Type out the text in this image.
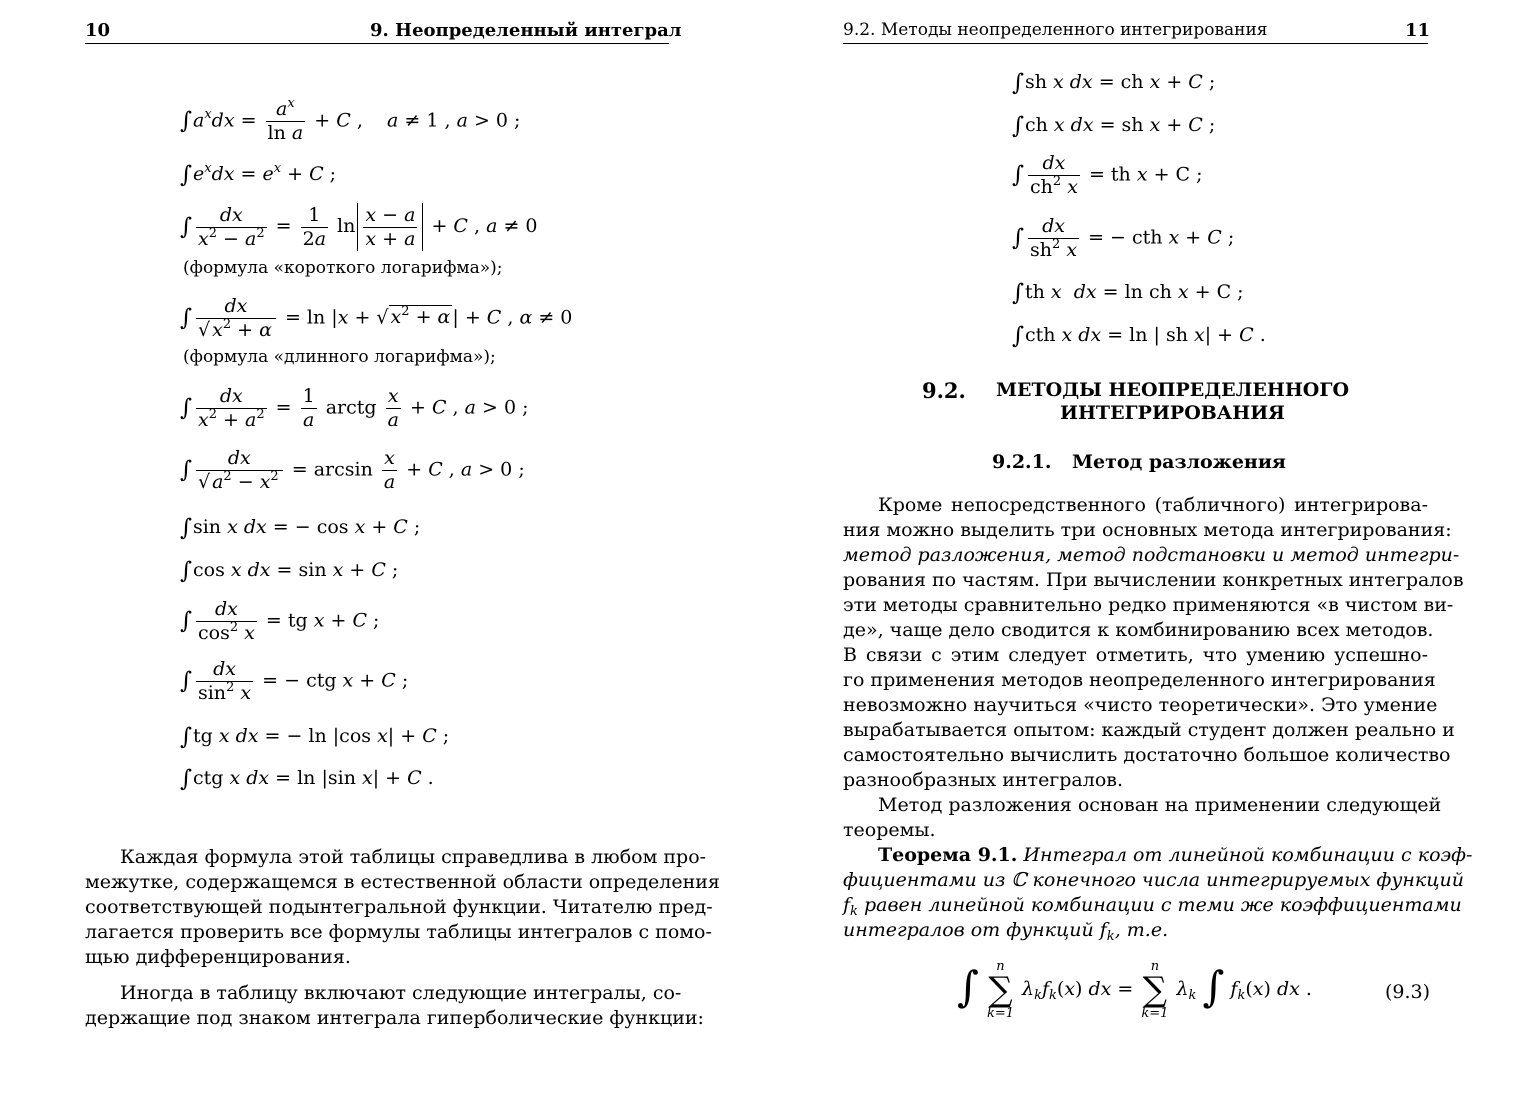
10	9. Неопределенный интеграл
$\int a^xdx = \frac{a^x}{\text{ln a}} + C$ ,    a ≠ 1 , a > 0 ;
$\int e^xdx = e^x + C$ ;
∫ $\frac{dx}{x^2 - a^2} = \frac{1}{2a}$ $\ln \frac{x - a}{x + a} + C$ , a ≠ 0
(формула «короткого логарифма»);
∫ $\frac{dx}{√ x^2 + \alpha} = \ln |x$ + √ $x^2 + \alpha$ | + C , α ≠ 0
(формула «длинного логарифма»);
∫ $\frac{dx}{x^2 + a^2} = \frac{1}{a}$ arctg $\frac{x}{a} + C$ , a > 0 ;
∫ $\frac{dx}{√ a^2 - x^2} = \arcsin \frac{x}{a} + C$ , a > 0 ;
∫sin x dx = − cos x + C ;
∫cos x dx = sin x + C ;
∫ $\frac{dx}{\cos^2 x}$ = tg x + C ;
∫ $\frac{dx}{\sin^2 x}$ = − ctg x + C ;
∫tg x dx = − ln |cos x| + C ;
∫ctg x dx = ln |sin x| + C .
Каждая формула этой таблицы справедлива в любом про-
межутке, содержащемся в естественной области определения
соответствующей подынтегральной функции. Читателю пред-
лагается проверить все формулы таблицы интегралов с помо-
щью дифференцирования.
Иногда в таблицу включают следующие интегралы, со-
держащие под знаком интеграла гиперболические функции:
9.2. Методы неопределенного интегрирования	11
∫sh x dx = ch x + C ;
∫ch x dx = sh x + C ;
∫ $\frac{dx}{ch^2 x}$ = th x + C ;
∫ $\frac{dx}{sh^2 x}$ = − cth x + C ;
∫th x dx = ln ch x + C ;
∫cth x dx = ln | sh x| + C .
9.2. МЕТОДЫ НЕОПРЕДЕЛЕННОГО
ИНТЕГРИРОВАНИЯ
9.2.1. Метод разложения
Кроме непосредственного (табличного) интегрирова-
ния можно выделить три основных метода интегрирования:
метод разложения, метод подстановки и метод интегри-
рования по частям. При вычислении конкретных интегралов
эти методы сравнительно редко применяются «в чистом ви-
де», чаще дело сводится к комбинированию всех методов.
В связи с этим следует отметить, что умению успешно-
го применения методов неопределенного интегрирования
невозможно научиться «чисто теоретически». Это умение
вырабатывается опытом: каждый студент должен реально и
самостоятельно вычислить достаточно большое количество
разнообразных интегралов.
Метод разложения основан на применении следующей
теоремы.
Теорема 9.1. Интеграл от линейной комбинации с коэф-
фициентами из ℂ конечного числа интегрируемых функций
$f_k$ равен линейной комбинации с теми же коэффициентами
интегралов от функций $f_k$, т.е.
∫	n
∑
k=1
$\lambda_kf_k(x)$ dx =
n
∑
k=1
$\lambda_k$ ∫ $f_k(x)$ dx .	(9.3)
